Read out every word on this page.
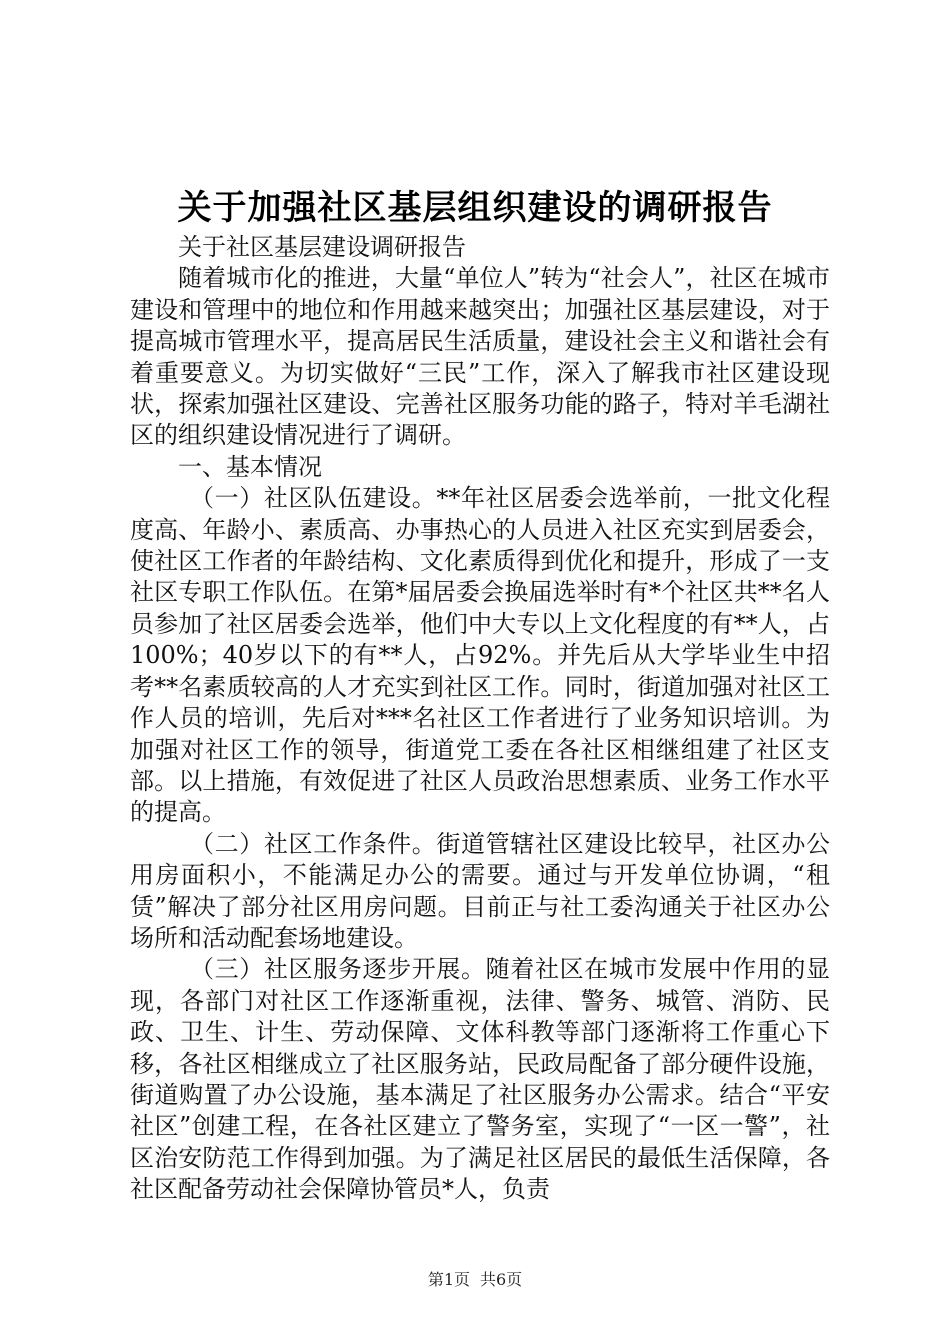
关于加强社区基层组织建设的调研报告

关于社区基层建设调研报告

随着城市化的推进，大量“单位人”转为“社会人”，社区在城市建设和管理中的地位和作用越来越突出；加强社区基层建设，对于提高城市管理水平，提高居民生活质量，建设社会主义和谐社会有着重要意义。为切实做好“三民”工作，深入了解我市社区建设现状，探索加强社区建设、完善社区服务功能的路子，特对羊毛湖社区的组织建设情况进行了调研。

一、基本情况

（一）社区队伍建设。**年社区居委会选举前，一批文化程度高、年龄小、素质高、办事热心的人员进入社区充实到居委会，使社区工作者的年龄结构、文化素质得到优化和提升，形成了一支社区专职工作队伍。在第*届居委会换届选举时有*个社区共**名人员参加了社区居委会选举，他们中大专以上文化程度的有**人，占100%；40岁以下的有**人，占92%。并先后从大学毕业生中招考**名素质较高的人才充实到社区工作。同时，街道加强对社区工作人员的培训，先后对***名社区工作者进行了业务知识培训。为加强对社区工作的领导，街道党工委在各社区相继组建了社区支部。以上措施，有效促进了社区人员政治思想素质、业务工作水平的提高。

（二）社区工作条件。街道管辖社区建设比较早，社区办公用房面积小，不能满足办公的需要。通过与开发单位协调，“租赁”解决了部分社区用房问题。目前正与社工委沟通关于社区办公场所和活动配套场地建设。

（三）社区服务逐步开展。随着社区在城市发展中作用的显现，各部门对社区工作逐渐重视，法律、警务、城管、消防、民政、卫生、计生、劳动保障、文体科教等部门逐渐将工作重心下移，各社区相继成立了社区服务站，民政局配备了部分硬件设施，街道购置了办公设施，基本满足了社区服务办公需求。结合“平安社区”创建工程，在各社区建立了警务室，实现了“一区一警”，社区治安防范工作得到加强。为了满足社区居民的最低生活保障，各社区配备劳动社会保障协管员*人，负责

第1页 共6页
